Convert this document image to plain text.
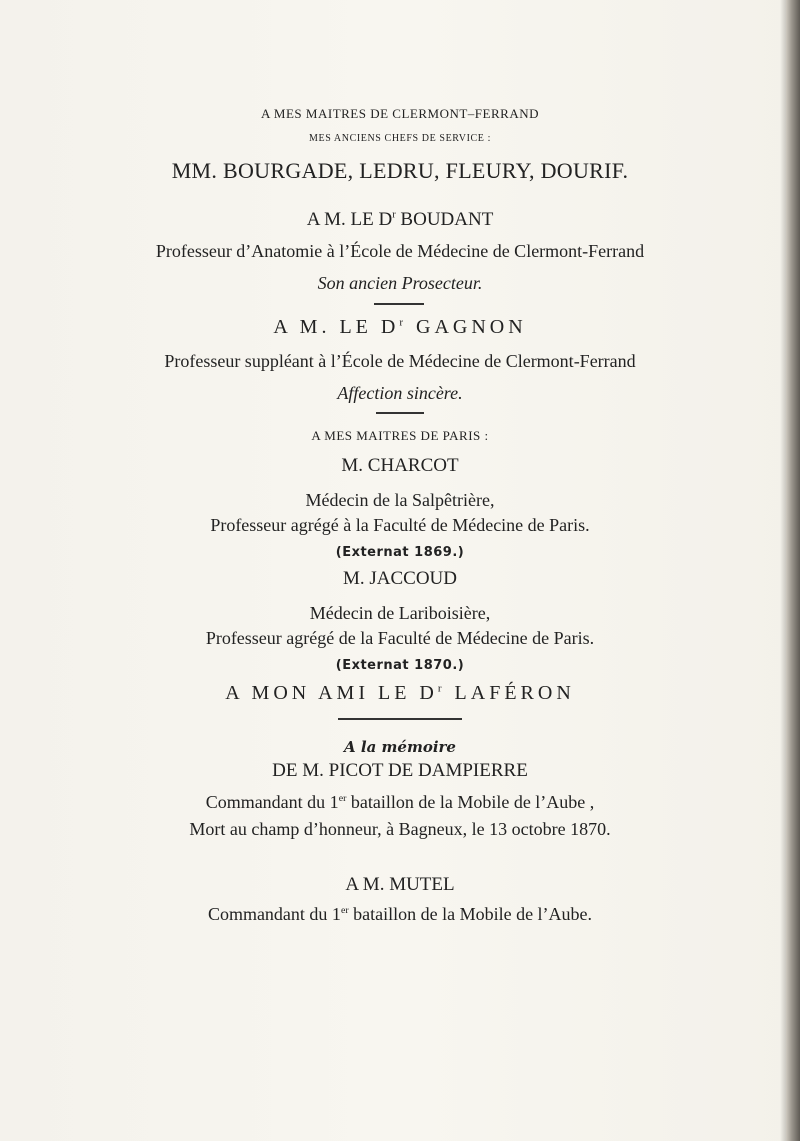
A MES MAITRES DE CLERMONT–FERRAND
MES ANCIENS CHEFS DE SERVICE :
MM. BOURGADE, LEDRU, FLEURY, DOURIF.
A M. LE $D^r$ BOUDANT
Professeur d’Anatomie à l’École de Médecine de Clermont-Ferrand
Son ancien Prosecteur.
A M. LE $D^r$ GAGNON
Professeur suppléant à l’École de Médecine de Clermont-Ferrand
Affection sincère.
A MES MAITRES DE PARIS :
M. CHARCOT
Médecin de la Salpêtrière,
Professeur agrégé à la Faculté de Médecine de Paris.
(Externat 1869.)
M. JACCOUD
Médecin de Lariboisière,
Professeur agrégé de la Faculté de Médecine de Paris.
(Externat 1870.)
A MON AMI LE $D^r$ LAFÉRON
A la mémoire
DE M. PICOT DE DAMPIERRE
Commandant du 1er bataillon de la Mobile de l’Aube ,
Mort au champ d’honneur, à Bagneux, le 13 octobre 1870.
A M. MUTEL
Commandant du 1er bataillon de la Mobile de l’Aube.
